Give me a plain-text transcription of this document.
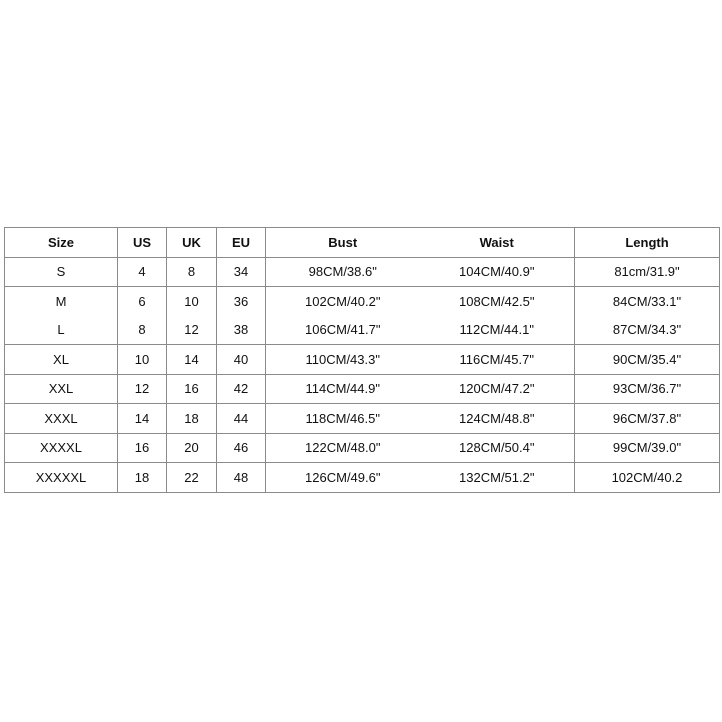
Size	US	UK	EU	Bust	Waist	Length
S	4	8	34	98CM/38.6"	104CM/40.9"	81cm/31.9"
M	6	10	36	102CM/40.2"	108CM/42.5"	84CM/33.1"
L	8	12	38	106CM/41.7"	112CM/44.1"	87CM/34.3"
XL	10	14	40	110CM/43.3"	116CM/45.7"	90CM/35.4"
XXL	12	16	42	114CM/44.9"	120CM/47.2"	93CM/36.7"
XXXL	14	18	44	118CM/46.5"	124CM/48.8"	96CM/37.8"
XXXXL	16	20	46	122CM/48.0"	128CM/50.4"	99CM/39.0"
XXXXXL	18	22	48	126CM/49.6"	132CM/51.2"	102CM/40.2
